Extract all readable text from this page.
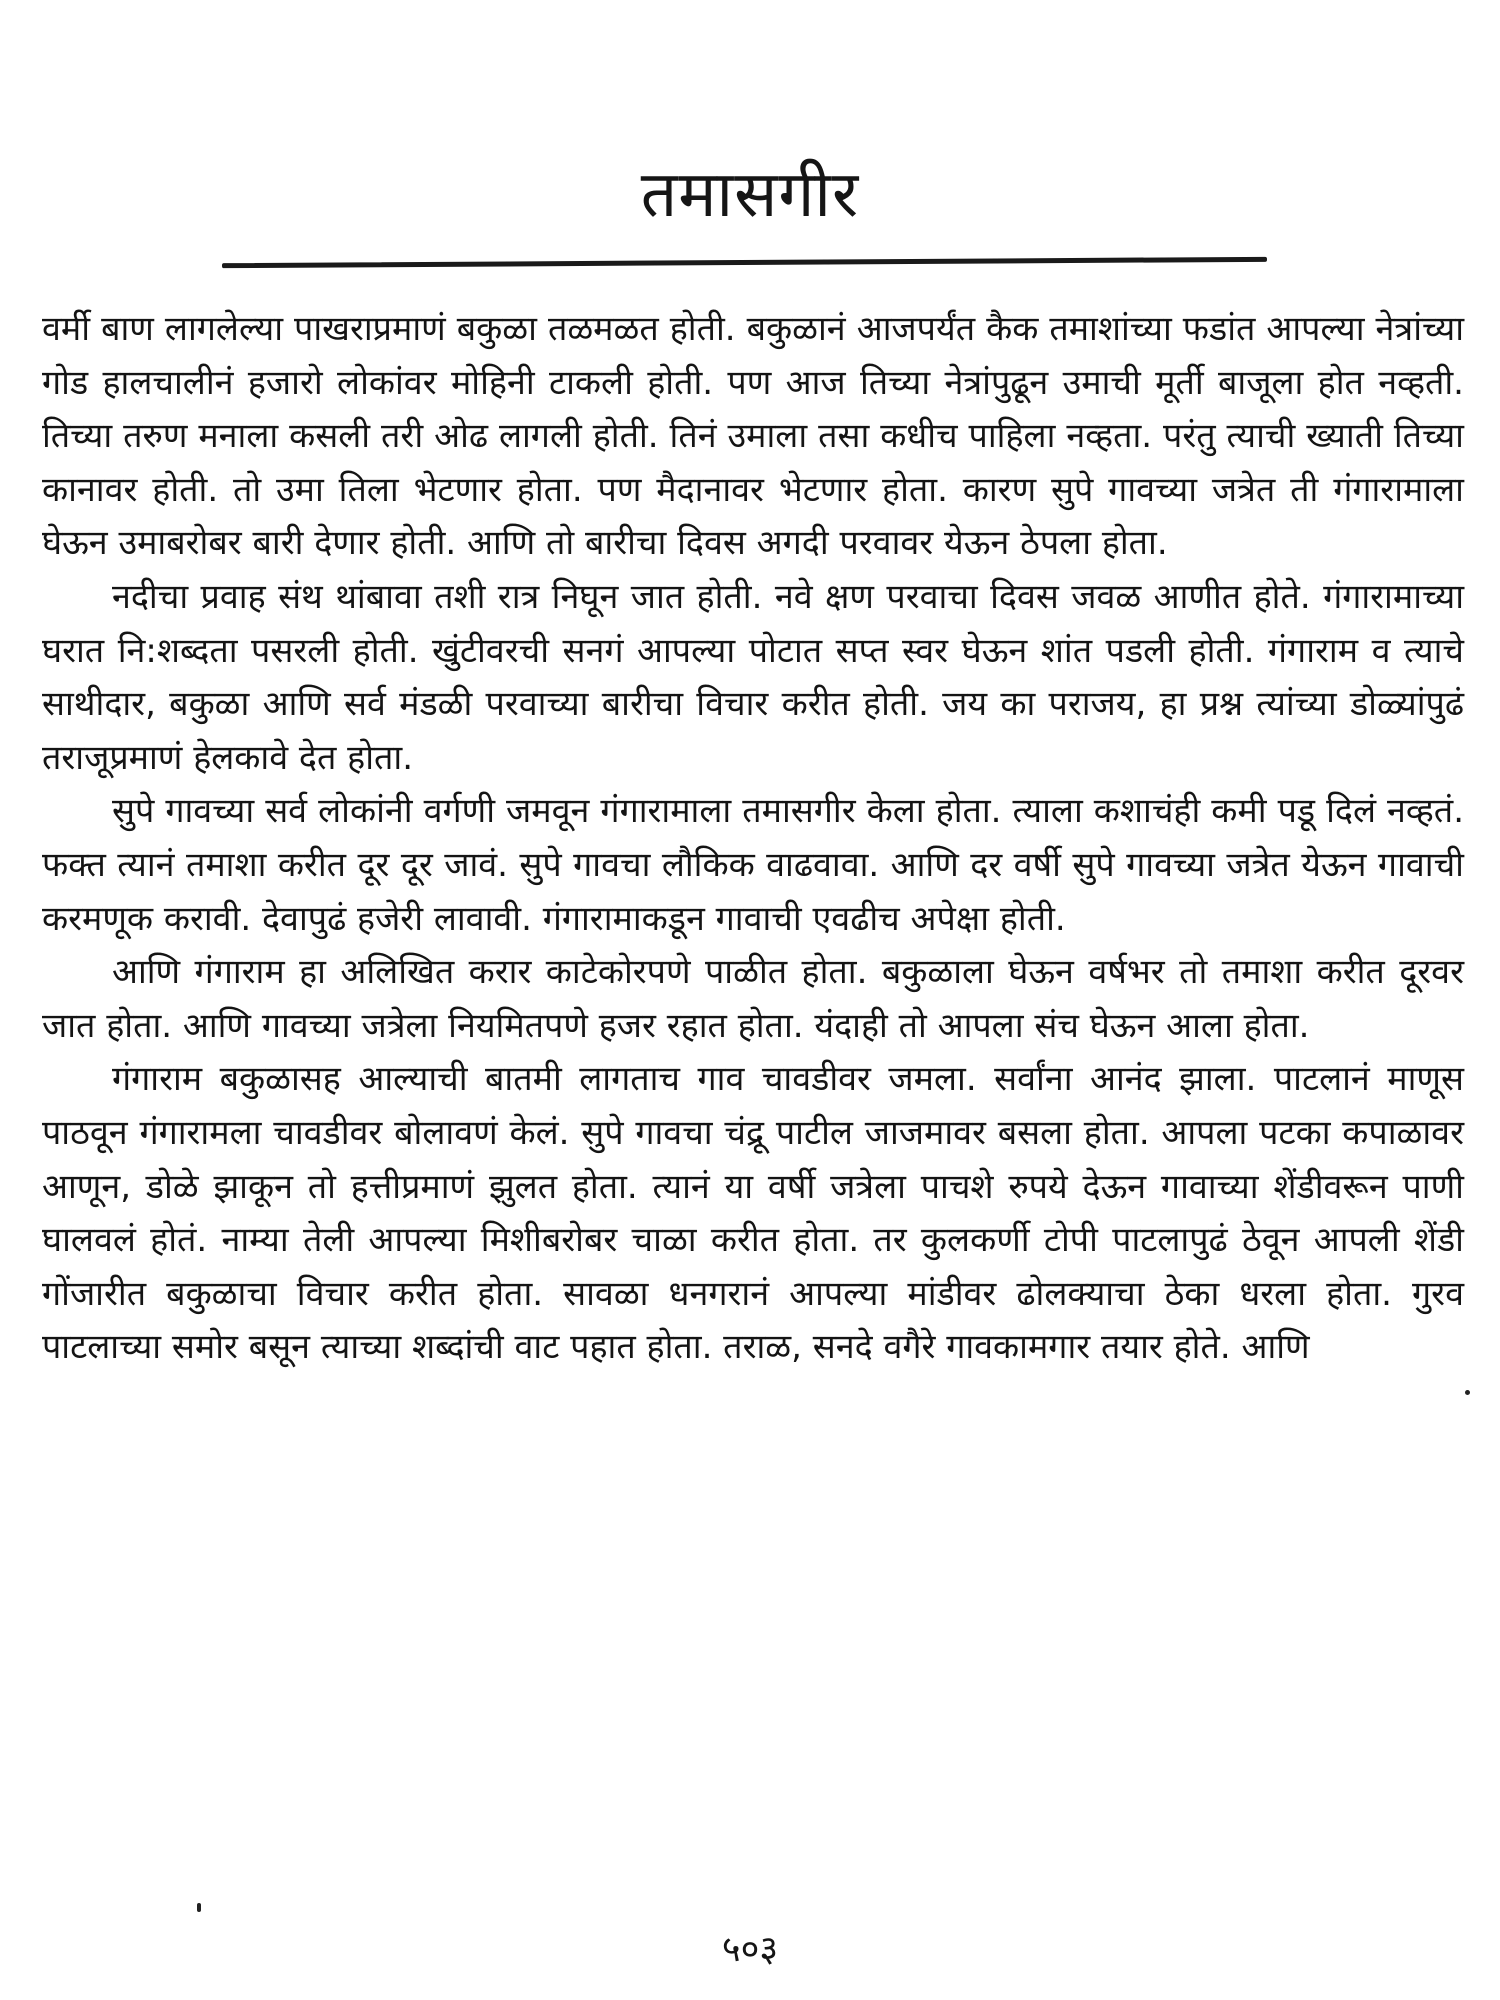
तमासगीर

वर्मी बाण लागलेल्या पाखराप्रमाणं बकुळा तळमळत होती. बकुळानं आजपर्यंत कैक तमाशांच्या फडांत आपल्या नेत्रांच्या गोड हालचालीनं हजारो लोकांवर मोहिनी टाकली होती. पण आज तिच्या नेत्रांपुढून उमाची मूर्ती बाजूला होत नव्हती. तिच्या तरुण मनाला कसली तरी ओढ लागली होती. तिनं उमाला तसा कधीच पाहिला नव्हता. परंतु त्याची ख्याती तिच्या कानावर होती. तो उमा तिला भेटणार होता. पण मैदानावर भेटणार होता. कारण सुपे गावच्या जत्रेत ती गंगारामाला घेऊन उमाबरोबर बारी देणार होती. आणि तो बारीचा दिवस अगदी परवावर येऊन ठेपला होता.

नदीचा प्रवाह संथ थांबावा तशी रात्र निघून जात होती. नवे क्षण परवाचा दिवस जवळ आणीत होते. गंगारामाच्या घरात नि:शब्दता पसरली होती. खुंटीवरची सनगं आपल्या पोटात सप्त स्वर घेऊन शांत पडली होती. गंगाराम व त्याचे साथीदार, बकुळा आणि सर्व मंडळी परवाच्या बारीचा विचार करीत होती. जय का पराजय, हा प्रश्न त्यांच्या डोळ्यांपुढं तराजूप्रमाणं हेलकावे देत होता.

सुपे गावच्या सर्व लोकांनी वर्गणी जमवून गंगारामाला तमासगीर केला होता. त्याला कशाचंही कमी पडू दिलं नव्हतं. फक्त त्यानं तमाशा करीत दूर दूर जावं. सुपे गावचा लौकिक वाढवावा. आणि दर वर्षी सुपे गावच्या जत्रेत येऊन गावाची करमणूक करावी. देवापुढं हजेरी लावावी. गंगारामाकडून गावाची एवढीच अपेक्षा होती.

आणि गंगाराम हा अलिखित करार काटेकोरपणे पाळीत होता. बकुळाला घेऊन वर्षभर तो तमाशा करीत दूरवर जात होता. आणि गावच्या जत्रेला नियमितपणे हजर रहात होता. यंदाही तो आपला संच घेऊन आला होता.

गंगाराम बकुळासह आल्याची बातमी लागताच गाव चावडीवर जमला. सर्वांना आनंद झाला. पाटलानं माणूस पाठवून गंगारामला चावडीवर बोलावणं केलं. सुपे गावचा चंद्रू पाटील जाजमावर बसला होता. आपला पटका कपाळावर आणून, डोळे झाकून तो हत्तीप्रमाणं झुलत होता. त्यानं या वर्षी जत्रेला पाचशे रुपये देऊन गावाच्या शेंडीवरून पाणी घालवलं होतं. नाम्या तेली आपल्या मिशीबरोबर चाळा करीत होता. तर कुलकर्णी टोपी पाटलापुढं ठेवून आपली शेंडी गोंजारीत बकुळाचा विचार करीत होता. सावळा धनगरानं आपल्या मांडीवर ढोलक्याचा ठेका धरला होता. गुरव पाटलाच्या समोर बसून त्याच्या शब्दांची वाट पहात होता. तराळ, सनदे वगैरे गावकामगार तयार होते. आणि

५०३
